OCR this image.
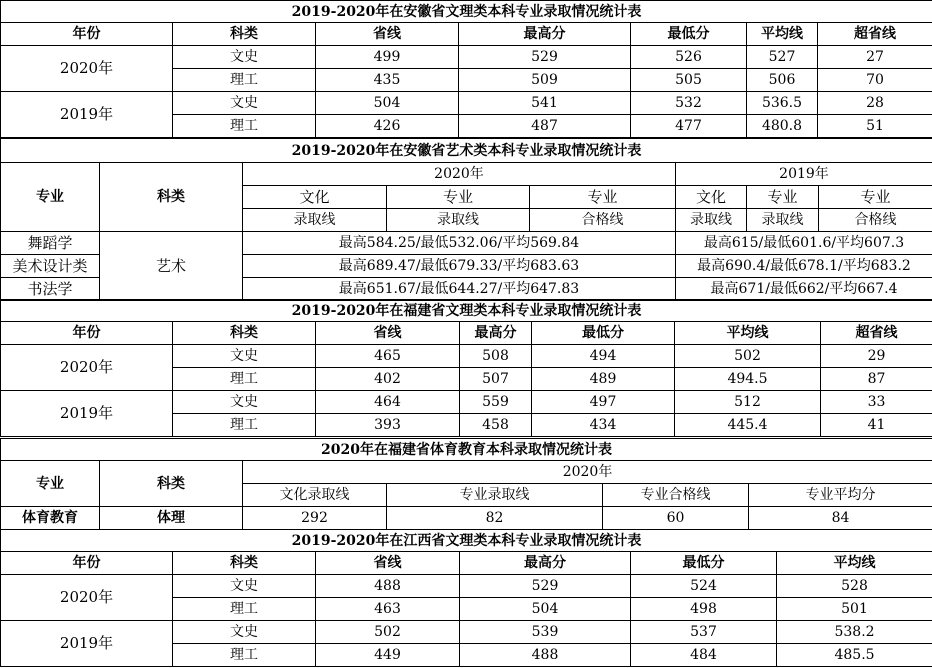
2019-2020年在安徽省文理类本科专业录取情况统计表						
年份	科类	省线	最高分	最低分	平均线	超省线
2020年	文史	499	529	526	527	27
	理工	435	509	505	506	70
2019年	文史	504	541	532	536.5	28
	理工	426	487	477	480.8	51
2019-2020年在安徽省艺术类本科专业录取情况统计表							
专业	科类	2020年			2019年		
		文化	专业	专业	文化	专业	专业
		录取线	录取线	合格线	录取线	录取线	合格线
舞蹈学	艺术	最高584.25/最低532.06/平均569.84			最高615/最低601.6/平均607.3		
美术设计类		最高689.47/最低679.33/平均683.63			最高690.4/最低678.1/平均683.2		
书法学		最高651.67/最低644.27/平均647.83			最高671/最低662/平均667.4		
2019-2020年在福建省文理类本科专业录取情况统计表						
年份	科类	省线	最高分	最低分	平均线	超省线
2020年	文史	465	508	494	502	29
	理工	402	507	489	494.5	87
2019年	文史	464	559	497	512	33
	理工	393	458	434	445.4	41
2020年在福建省体育教育本科录取情况统计表					
专业	科类	2020年			
		文化录取线	专业录取线	专业合格线	专业平均分
体育教育	体理	292	82	60	84
2019-2020年在江西省文理类本科专业录取情况统计表					
年份	科类	省线	最高分	最低分	平均线
2020年	文史	488	529	524	528
	理工	463	504	498	501
2019年	文史	502	539	537	538.2
	理工	449	488	484	485.5
